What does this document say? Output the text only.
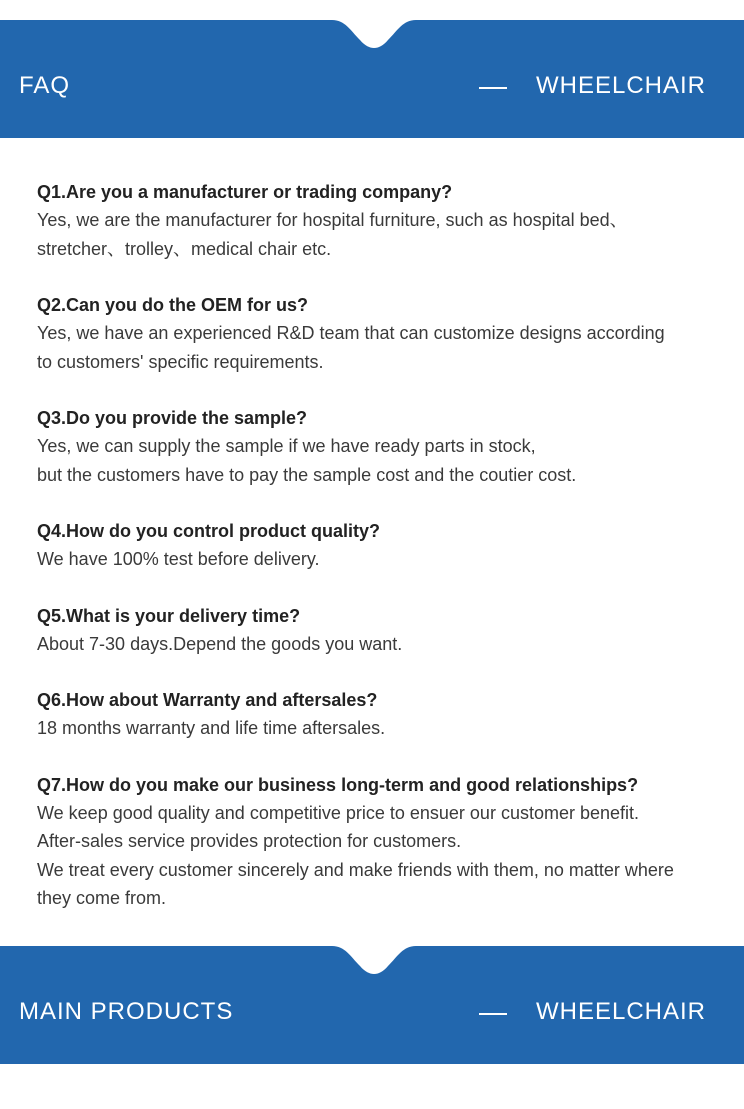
FAQ	WHEELCHAIR
Q1.Are you a manufacturer or trading company?
Yes, we are the manufacturer for hospital furniture, such as hospital bed、
stretcher、trolley、medical chair etc.
Q2.Can you do the OEM for us?
Yes, we have an experienced R&D team that can customize designs according
to customers' specific requirements.
Q3.Do you provide the sample?
Yes, we can supply the sample if we have ready parts in stock,
but the customers have to pay the sample cost and the coutier cost.
Q4.How do you control product quality?
We have 100% test before delivery.
Q5.What is your delivery time?
About 7-30 days.Depend the goods you want.
Q6.How about Warranty and aftersales?
18 months warranty and life time aftersales.
Q7.How do you make our business long-term and good relationships?
We keep good quality and competitive price to ensuer our customer benefit.
After-sales service provides protection for customers.
We treat every customer sincerely and make friends with them, no matter where
they come from.
MAIN PRODUCTS	WHEELCHAIR
